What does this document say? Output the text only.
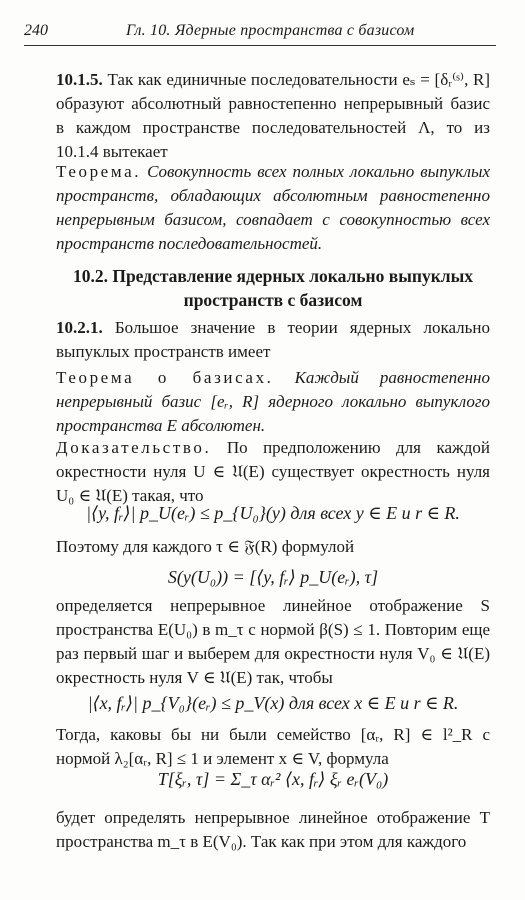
240	Гл. 10. Ядерные пространства с базисом

10.1.5. Так как единичные последовательности eₛ = [δᵣ⁽ˢ⁾, R] образуют абсолютный равностепенно непрерывный базис в каждом пространстве последовательностей Λ, то из 10.1.4 вытекает

Теорема. Совокупность всех полных локально выпуклых пространств, обладающих абсолютным равностепенно непрерывным базисом, совпадает с совокупностью всех пространств последовательностей.

10.2. Представление ядерных локально выпуклых пространств с базисом

10.2.1. Большое значение в теории ядерных локально выпуклых пространств имеет

Теорема о базисах. Каждый равностепенно непрерывный базис [eᵣ, R] ядерного локально выпуклого пространства E абсолютен.

Доказательство. По предположению для каждой окрестности нуля U ∈ 𝔘(E) существует окрестность нуля U₀ ∈ 𝔘(E) такая, что

|⟨y, fᵣ⟩| p_U(eᵣ) ≤ p_{U₀}(y) для всех y ∈ E и r ∈ R.

Поэтому для каждого τ ∈ 𝔉(R) формулой

S(y(U₀)) = [⟨y, fᵣ⟩ p_U(eᵣ), τ]

определяется непрерывное линейное отображение S пространства E(U₀) в m_τ с нормой β(S) ≤ 1. Повторим еще раз первый шаг и выберем для окрестности нуля V₀ ∈ 𝔘(E) окрестность нуля V ∈ 𝔘(E) так, чтобы

|⟨x, fᵣ⟩| p_{V₀}(eᵣ) ≤ p_V(x) для всех x ∈ E и r ∈ R.

Тогда, каковы бы ни были семейство [αᵣ, R] ∈ l²_R с нормой λ₂[αᵣ, R] ≤ 1 и элемент x ∈ V, формула

T[ξᵣ, τ] = Σ_τ αᵣ² ⟨x, fᵣ⟩ ξᵣ eᵣ(V₀)

будет определять непрерывное линейное отображение T пространства m_τ в E(V₀). Так как при этом для каждого
